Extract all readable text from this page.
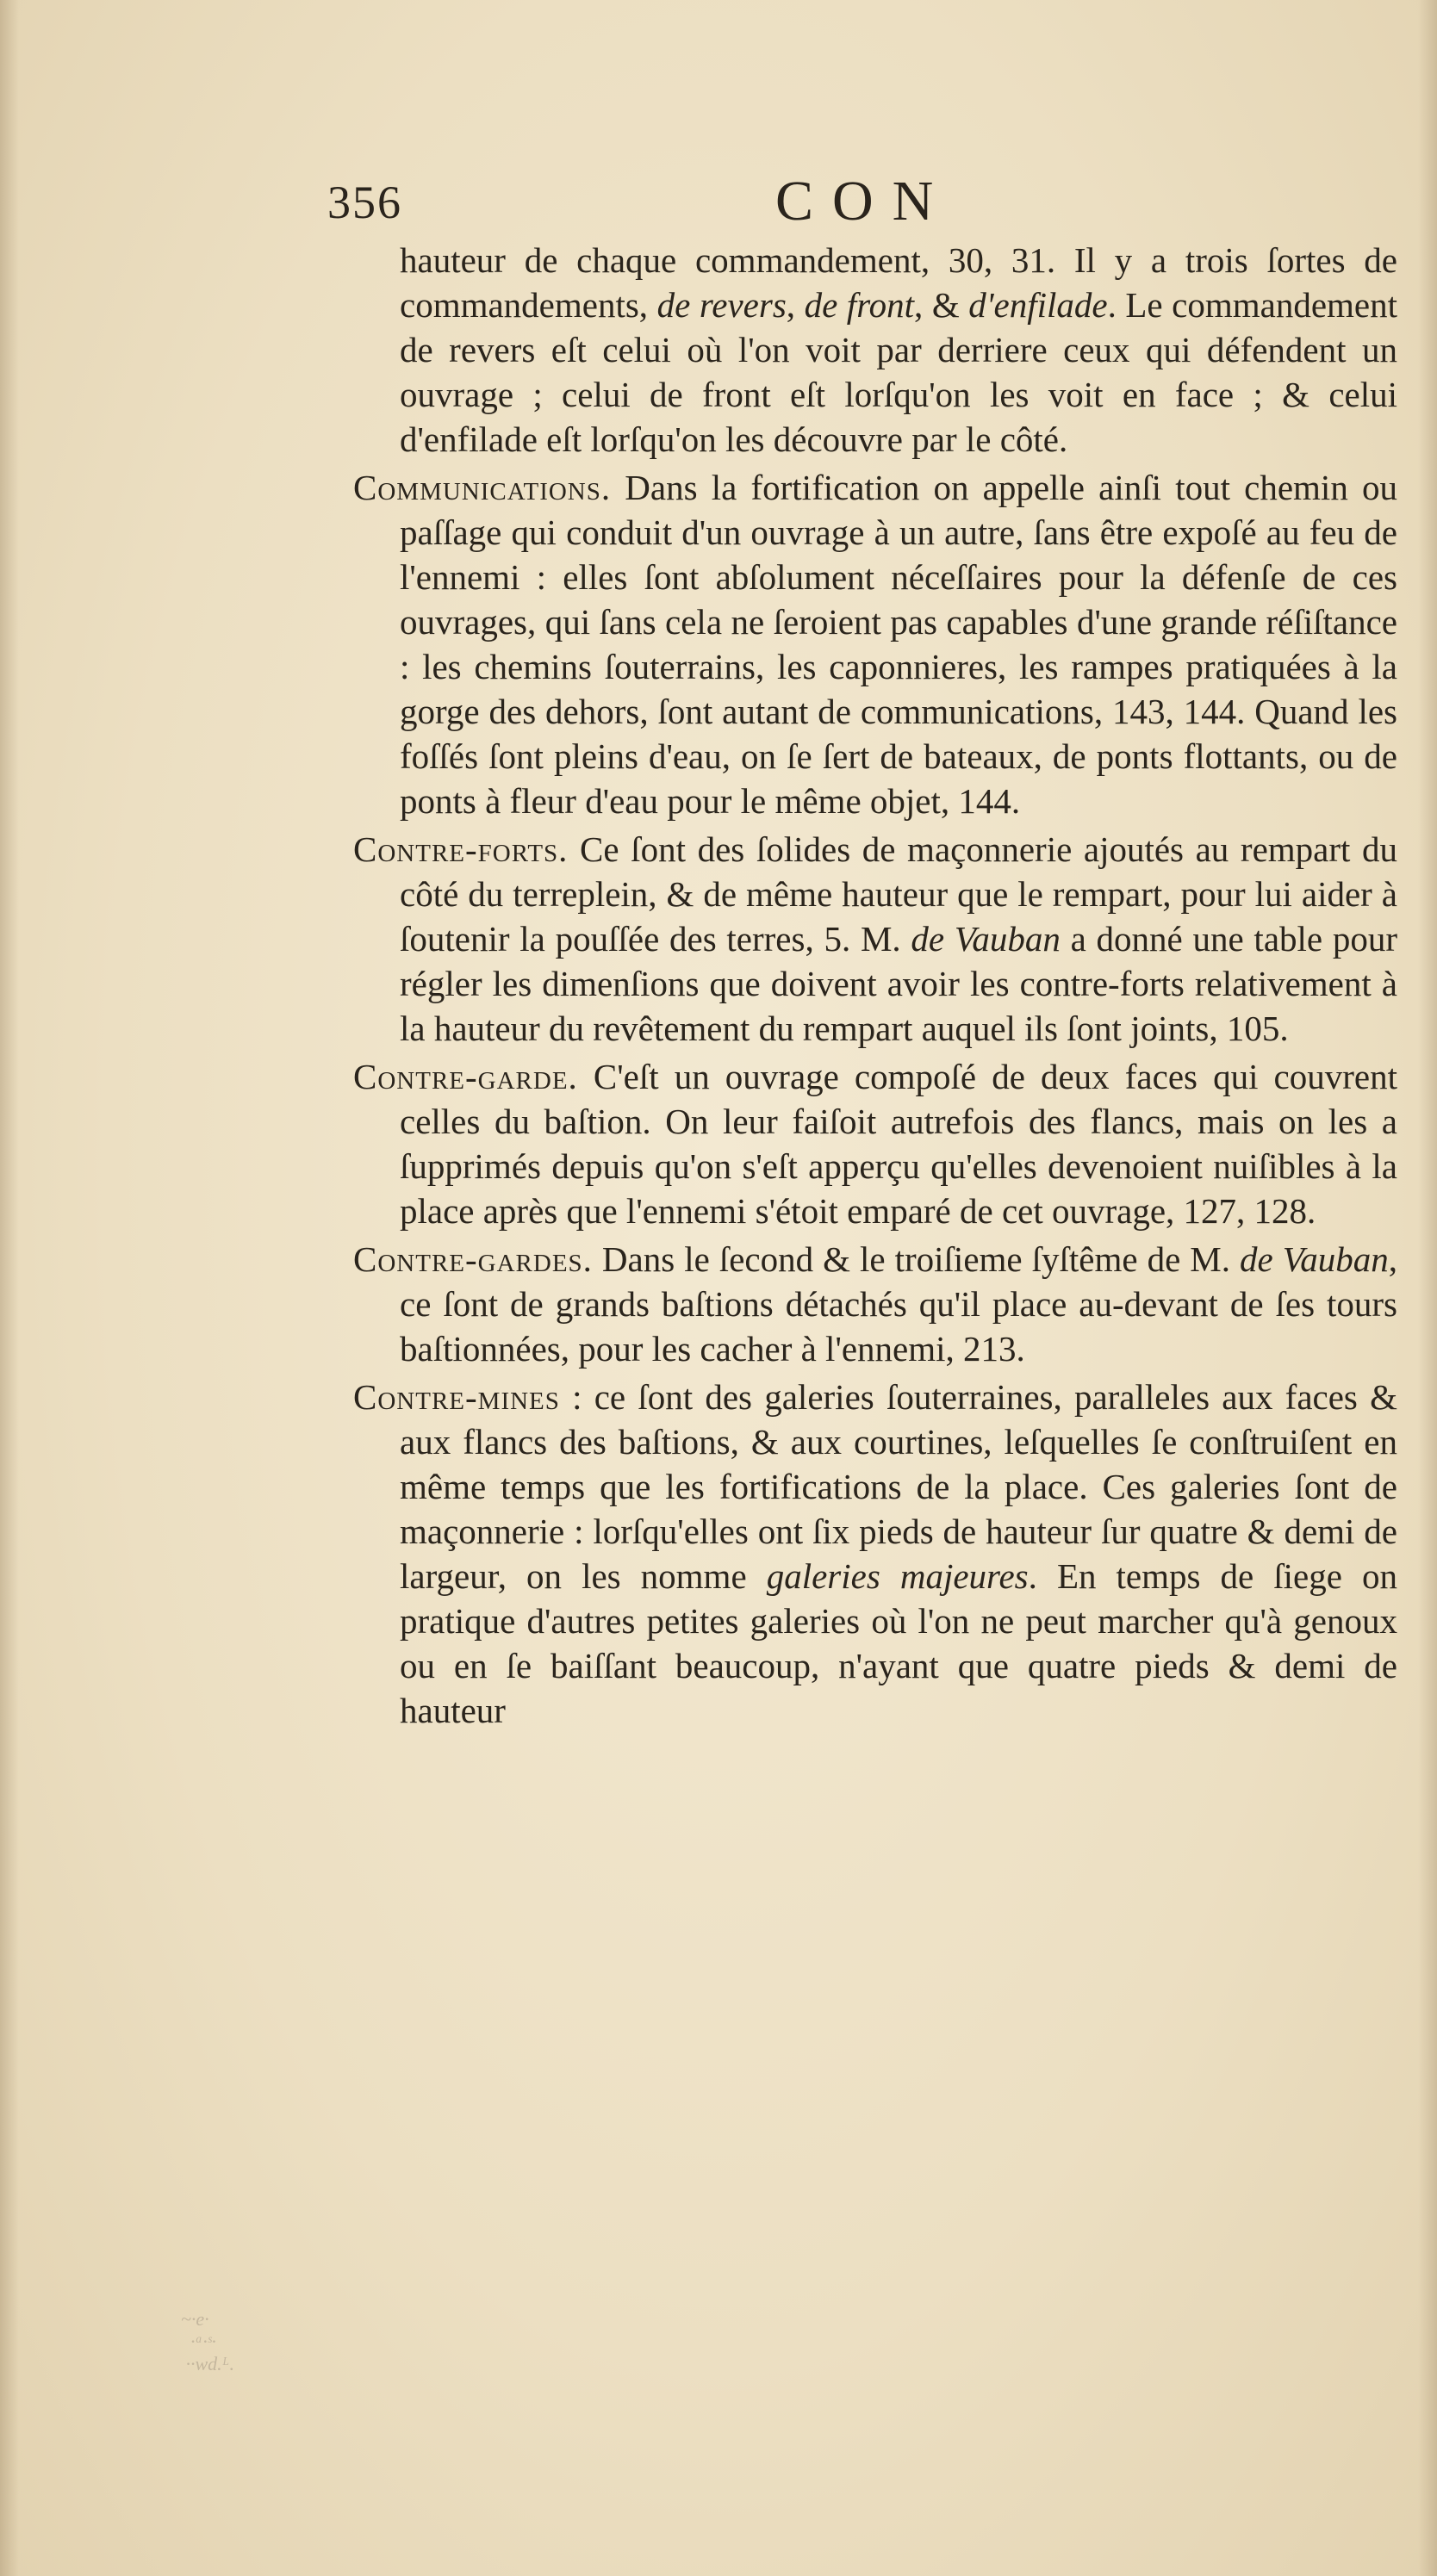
356	CON

hauteur de chaque commandement, 30, 31. Il y a trois ſortes de commandements, de revers, de front, & d'enfilade. Le commandement de revers eſt celui où l'on voit par derriere ceux qui défendent un ouvrage ; celui de front eſt lorſqu'on les voit en face ; & celui d'enfilade eſt lorſqu'on les découvre par le côté.

Communications. Dans la fortification on appelle ainſi tout chemin ou paſſage qui conduit d'un ouvrage à un autre, ſans être expoſé au feu de l'ennemi : elles ſont abſolument néceſſaires pour la défenſe de ces ouvrages, qui ſans cela ne ſeroient pas capables d'une grande réſiſtance : les chemins ſouterrains, les caponnieres, les rampes pratiquées à la gorge des dehors, ſont autant de communications, 143, 144. Quand les foſſés ſont pleins d'eau, on ſe ſert de bateaux, de ponts flottants, ou de ponts à fleur d'eau pour le même objet, 144.

Contre-forts. Ce ſont des ſolides de maçonnerie ajoutés au rempart du côté du terreplein, & de même hauteur que le rempart, pour lui aider à ſoutenir la pouſſée des terres, 5. M. de Vauban a donné une table pour régler les dimenſions que doivent avoir les contre-forts relativement à la hauteur du revêtement du rempart auquel ils ſont joints, 105.

Contre-garde. C'eſt un ouvrage compoſé de deux faces qui couvrent celles du baſtion. On leur faiſoit autrefois des flancs, mais on les a ſupprimés depuis qu'on s'eſt apperçu qu'elles devenoient nuiſibles à la place après que l'ennemi s'étoit emparé de cet ouvrage, 127, 128.

Contre-gardes. Dans le ſecond & le troiſieme ſyſtême de M. de Vauban, ce ſont de grands baſtions détachés qu'il place au-devant de ſes tours baſtionnées, pour les cacher à l'ennemi, 213.

Contre-mines : ce ſont des galeries ſouterraines, paralleles aux faces & aux flancs des baſtions, & aux courtines, leſquelles ſe conſtruiſent en même temps que les fortifications de la place. Ces galeries ſont de maçonnerie : lorſqu'elles ont ſix pieds de hauteur ſur quatre & demi de largeur, on les nomme galeries majeures. En temps de ſiege on pratique d'autres petites galeries où l'on ne peut marcher qu'à genoux ou en ſe baiſſant beaucoup, n'ayant que quatre pieds & demi de hauteur

~·e·
·ᵃ·ˢ·
··wd.ᴸ.
